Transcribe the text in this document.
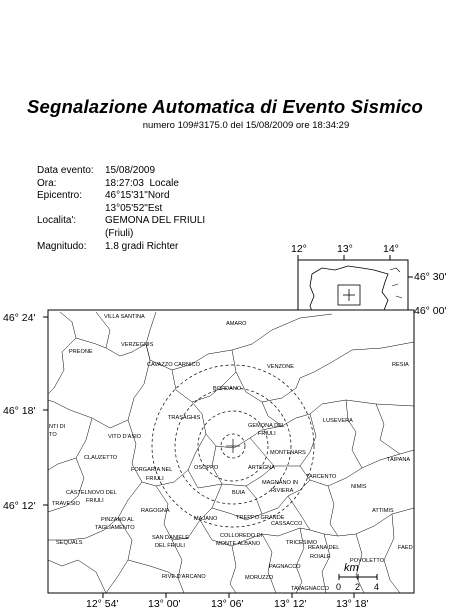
Segnalazione Automatica di Evento Sismico
numero 109#3175.0 del 15/08/2009 ore 18:34:29
Data evento:	15/08/2009
Ora:	18:27:03  Locale
Epicentro:	46°15'31"Nord
13°05'52"Est
Localita':	GEMONA DEL FRIULI
(Friuli)
Magnitudo:	1.8 gradi Richter	12°	13°	14°
46° 30'
46° 00'
46° 24'
46° 18'
46° 12'
12° 54'	13° 00'	13° 06'	13° 12'	13° 18'
km
0 2 4
VILLA SANTINA
AMARO
PREONE
VERZEGNIS
CAVAZZO CARNICO	VENZONE	RESIA
BORDANO
TRASAGHIS
GEMONA DEL
FRIULI
LUSEVERA
NTI DI
TO	VITO D'ASIO
MONTENARS
TAIPANA
CLAUZETTO
FORGARIA NEL
FRIULI
OSOPPO	ARTEGNA
TARCENTO
NIMIS
MAGNANO IN
RIVIERA
BUIA
CASTELNOVO DEL
FRIULI
TRAVESIO
RAGOGNA	ATTIMIS
PINZANO AL
TAGLIAMENTO
MAJANO	TREPPO GRANDE
CASSACCO
SAN DANIELE
DEL FRIULI
COLLOREDO DI
MONTE ALBANO	TRICESIMO
REANA DEL
ROIALE
POVOLETTO
FAED
SEQUALS
PAGNACCO
RIVE D'ARCANO	MORUZZO
TAVAGNACCO
